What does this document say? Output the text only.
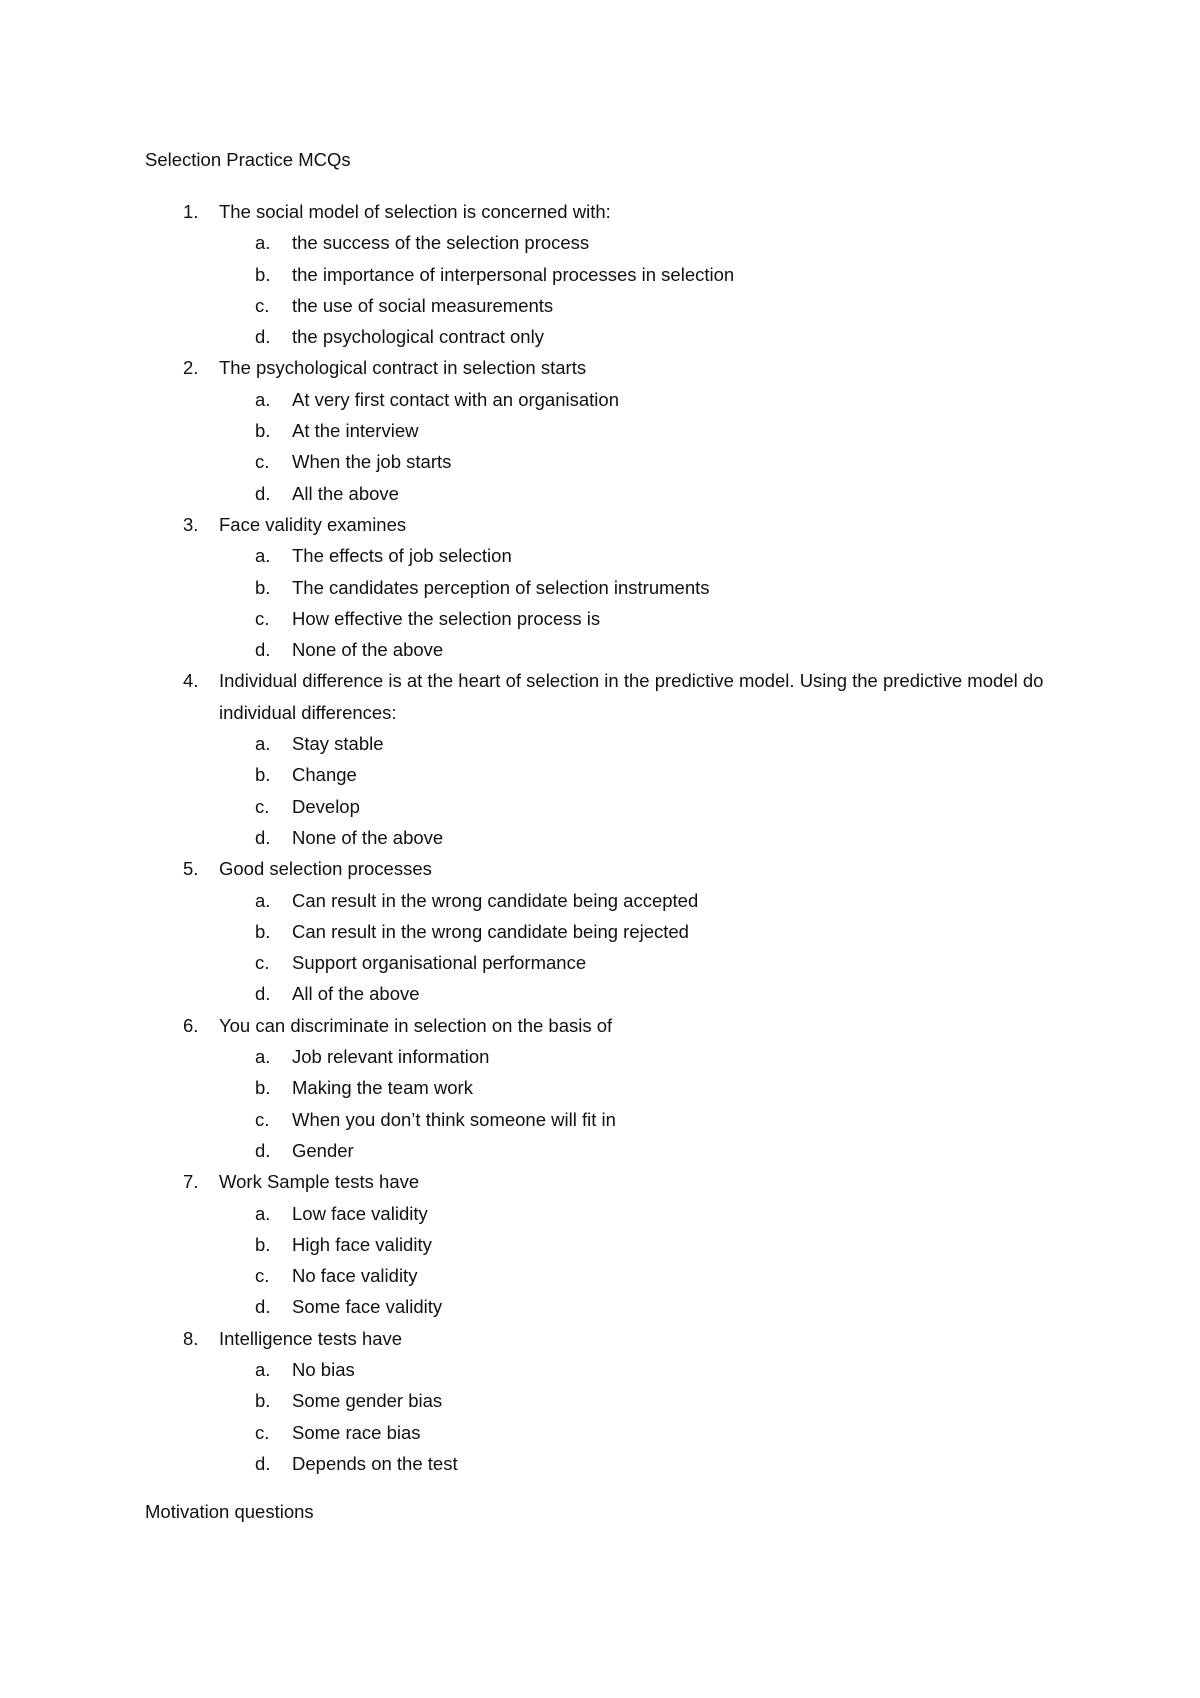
Selection Practice MCQs
1.	The social model of selection is concerned with:
a.	the success of the selection process
b.	the importance of interpersonal processes in selection
c.	the use of social measurements
d.	the psychological contract only
2.	The psychological contract in selection starts
a.	At very first contact with an organisation
b.	At the interview
c.	When the job starts
d.	All the above
3.	Face validity examines
a.	The effects of job selection
b.	The candidates perception of selection instruments
c.	How effective the selection process is
d.	None of the above
4.	Individual difference is at the heart of selection in the predictive model. Using the predictive model do individual differences:
a.	Stay stable
b.	Change
c.	Develop
d.	None of the above
5.	Good selection processes
a.	Can result in the wrong candidate being accepted
b.	Can result in the wrong candidate being rejected
c.	Support organisational performance
d.	All of the above
6.	You can discriminate in selection on the basis of
a.	Job relevant information
b.	Making the team work
c.	When you don’t think someone will fit in
d.	Gender
7.	Work Sample tests have
a.	Low face validity
b.	High face validity
c.	No face validity
d.	Some face validity
8.	Intelligence tests have
a.	No bias
b.	Some gender bias
c.	Some race bias
d.	Depends on the test
Motivation questions
